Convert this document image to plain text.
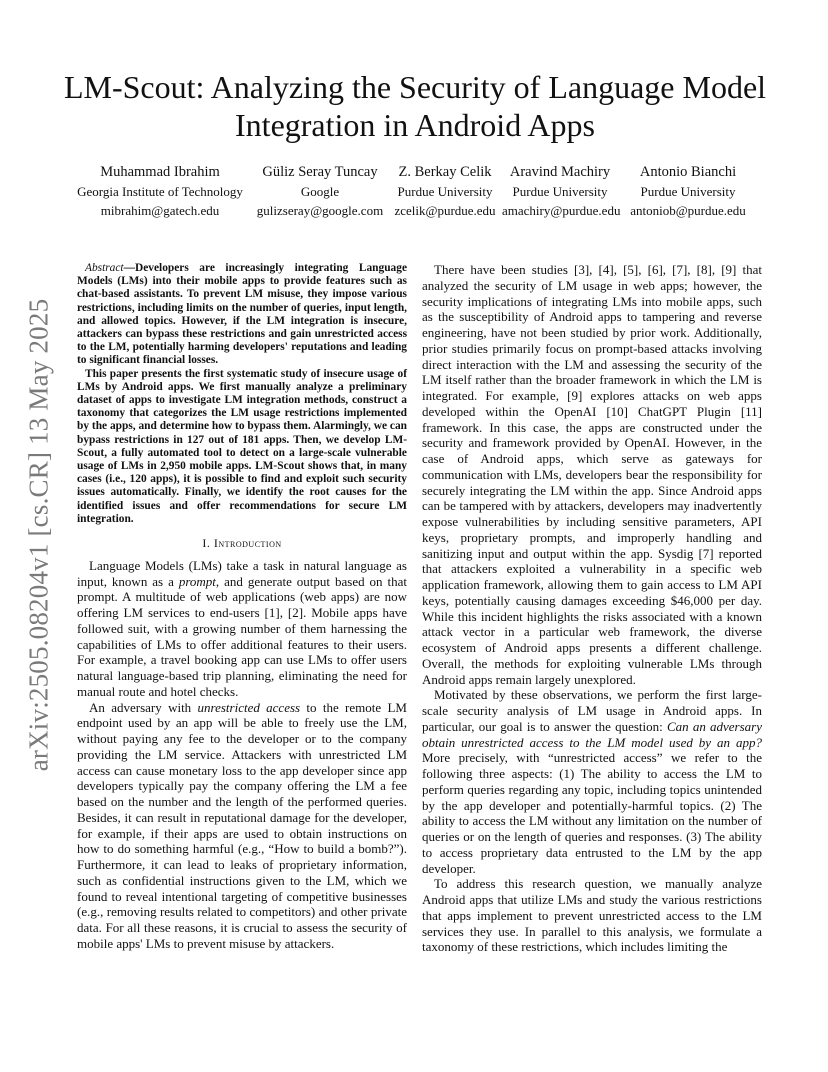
arXiv:2505.08204v1 [cs.CR] 13 May 2025
LM-Scout: Analyzing the Security of Language Model Integration in Android Apps
Muhammad Ibrahim
Georgia Institute of Technology
mibrahim@gatech.edu
Güliz Seray Tuncay
Google
gulizseray@google.com
Z. Berkay Celik
Purdue University
zcelik@purdue.edu
Aravind Machiry
Purdue University
amachiry@purdue.edu
Antonio Bianchi
Purdue University
antoniob@purdue.edu

Abstract—Developers are increasingly integrating Language Models (LMs) into their mobile apps to provide features such as chat-based assistants. To prevent LM misuse, they impose various restrictions, including limits on the number of queries, input length, and allowed topics. However, if the LM integration is insecure, attackers can bypass these restrictions and gain unrestricted access to the LM, potentially harming developers' reputations and leading to significant financial losses.

This paper presents the first systematic study of insecure usage of LMs by Android apps. We first manually analyze a preliminary dataset of apps to investigate LM integration methods, construct a taxonomy that categorizes the LM usage restrictions implemented by the apps, and determine how to bypass them. Alarmingly, we can bypass restrictions in 127 out of 181 apps. Then, we develop LM-Scout, a fully automated tool to detect on a large-scale vulnerable usage of LMs in 2,950 mobile apps. LM-Scout shows that, in many cases (i.e., 120 apps), it is possible to find and exploit such security issues automatically. Finally, we identify the root causes for the identified issues and offer recommendations for secure LM integration.

I. Introduction

Language Models (LMs) take a task in natural language as input, known as a prompt, and generate output based on that prompt. A multitude of web applications (web apps) are now offering LM services to end-users [1], [2]. Mobile apps have followed suit, with a growing number of them harnessing the capabilities of LMs to offer additional features to their users. For example, a travel booking app can use LMs to offer users natural language-based trip planning, eliminating the need for manual route and hotel checks.

An adversary with unrestricted access to the remote LM endpoint used by an app will be able to freely use the LM, without paying any fee to the developer or to the company providing the LM service. Attackers with unrestricted LM access can cause monetary loss to the app developer since app developers typically pay the company offering the LM a fee based on the number and the length of the performed queries. Besides, it can result in reputational damage for the developer, for example, if their apps are used to obtain instructions on how to do something harmful (e.g., “How to build a bomb?”). Furthermore, it can lead to leaks of proprietary information, such as confidential instructions given to the LM, which we found to reveal intentional targeting of competitive businesses (e.g., removing results related to competitors) and other private data. For all these reasons, it is crucial to assess the security of mobile apps' LMs to prevent misuse by attackers.

There have been studies [3], [4], [5], [6], [7], [8], [9] that analyzed the security of LM usage in web apps; however, the security implications of integrating LMs into mobile apps, such as the susceptibility of Android apps to tampering and reverse engineering, have not been studied by prior work. Additionally, prior studies primarily focus on prompt-based attacks involving direct interaction with the LM and assessing the security of the LM itself rather than the broader framework in which the LM is integrated. For example, [9] explores attacks on web apps developed within the OpenAI [10] ChatGPT Plugin [11] framework. In this case, the apps are constructed under the security and framework provided by OpenAI. However, in the case of Android apps, which serve as gateways for communication with LMs, developers bear the responsibility for securely integrating the LM within the app. Since Android apps can be tampered with by attackers, developers may inadvertently expose vulnerabilities by including sensitive parameters, API keys, proprietary prompts, and improperly handling and sanitizing input and output within the app. Sysdig [7] reported that attackers exploited a vulnerability in a specific web application framework, allowing them to gain access to LM API keys, potentially causing damages exceeding $46,000 per day. While this incident highlights the risks associated with a known attack vector in a particular web framework, the diverse ecosystem of Android apps presents a different challenge. Overall, the methods for exploiting vulnerable LMs through Android apps remain largely unexplored.

Motivated by these observations, we perform the first large-scale security analysis of LM usage in Android apps. In particular, our goal is to answer the question: Can an adversary obtain unrestricted access to the LM model used by an app? More precisely, with “unrestricted access” we refer to the following three aspects: (1) The ability to access the LM to perform queries regarding any topic, including topics unintended by the app developer and potentially-harmful topics. (2) The ability to access the LM without any limitation on the number of queries or on the length of queries and responses. (3) The ability to access proprietary data entrusted to the LM by the app developer.

To address this research question, we manually analyze Android apps that utilize LMs and study the various restrictions that apps implement to prevent unrestricted access to the LM services they use. In parallel to this analysis, we formulate a taxonomy of these restrictions, which includes limiting the
